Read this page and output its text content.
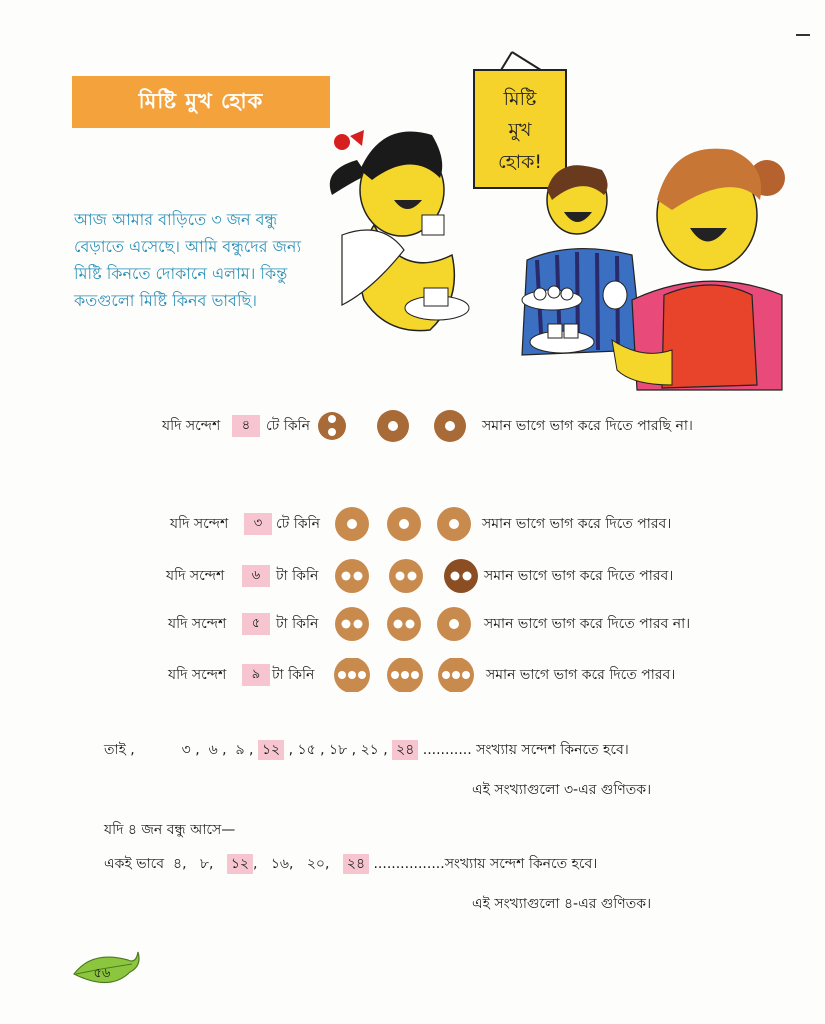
মিষ্টি মুখ হোক
আজ আমার বাড়িতে ৩ জন বন্ধু বেড়াতে এসেছে। আমি বন্ধুদের জন্য মিষ্টি কিনতে দোকানে এলাম। কিন্তু কতগুলো মিষ্টি কিনব ভাবছি।
মিষ্টি
মুখ
হোক!
যদি সন্দেশ	৪	টে কিনি	সমান ভাগে ভাগ করে দিতে পারছি না।
যদি সন্দেশ	৩ টে কিনি	সমান ভাগে ভাগ করে দিতে পারব।
যদি সন্দেশ	৬	টা কিনি	সমান ভাগে ভাগ করে দিতে পারব।
যদি সন্দেশ	৫	টা কিনি	সমান ভাগে ভাগ করে দিতে পারব না।
যদি সন্দেশ	৯ টা কিনি	সমান ভাগে ভাগ করে দিতে পারব।
তাই ,	৩ ,  ৬ ,  ৯ , ১২ , ১৫ , ১৮ , ২১ , ২৪ ........... সংখ্যায় সন্দেশ কিনতে হবে।
এই সংখ্যাগুলো ৩-এর গুণিতক।
যদি ৪ জন বন্ধু আসে—
একই ভাবে ৪,   ৮,   ১২ ,   ১৬,   ২০,   ২৪ ................সংখ্যায় সন্দেশ কিনতে হবে।
এই সংখ্যাগুলো ৪-এর গুণিতক।
৫৬
